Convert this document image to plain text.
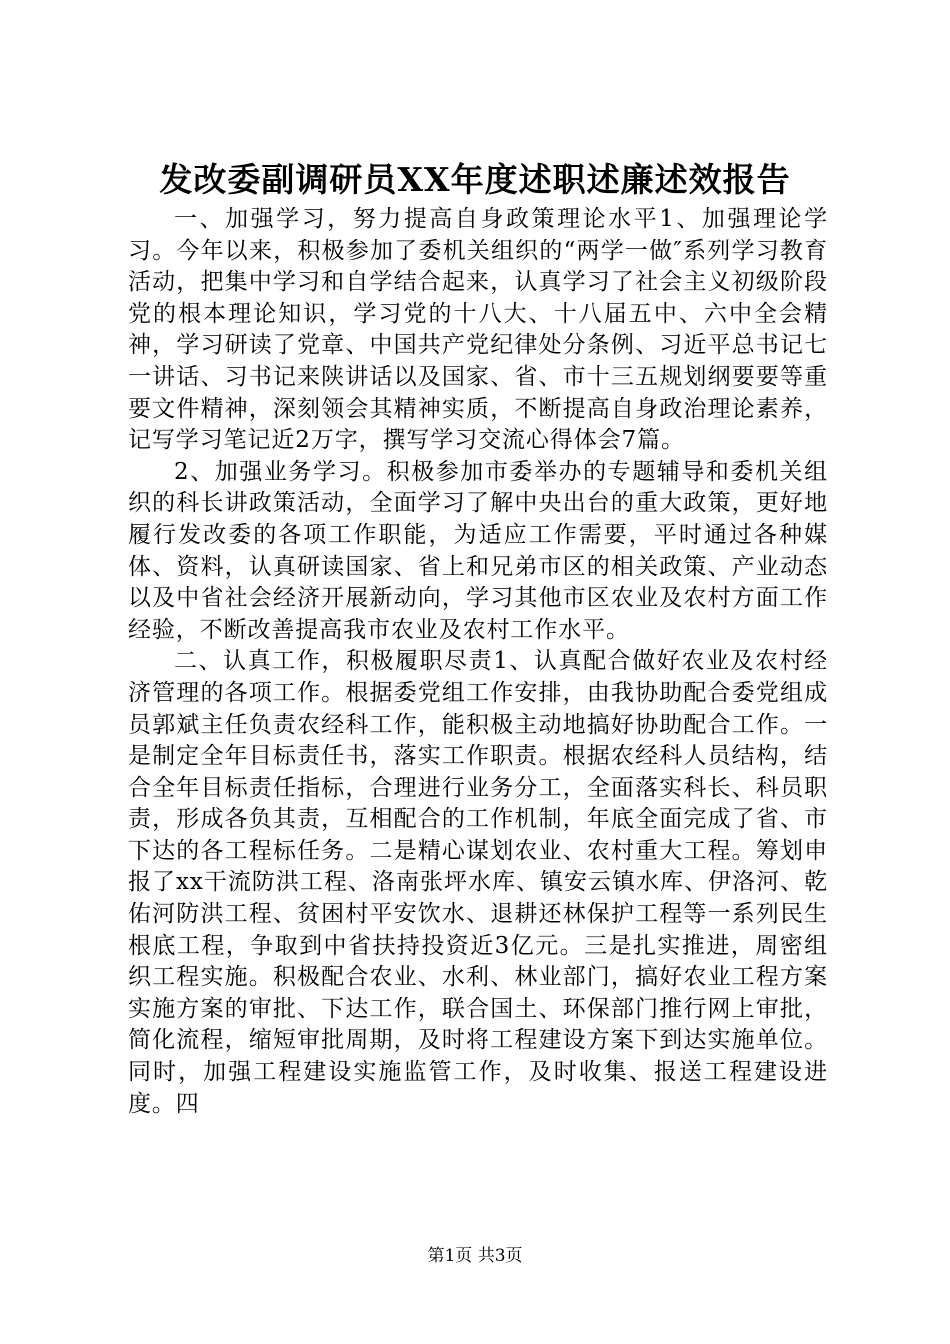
发改委副调研员XX年度述职述廉述效报告

一、加强学习，努力提高自身政策理论水平1、加强理论学习。今年以来，积极参加了委机关组织的“两学一做″系列学习教育活动，把集中学习和自学结合起来，认真学习了社会主义初级阶段党的根本理论知识，学习党的十八大、十八届五中、六中全会精神，学习研读了党章、中国共产党纪律处分条例、习近平总书记七一讲话、习书记来陕讲话以及国家、省、市十三五规划纲要要等重要文件精神，深刻领会其精神实质，不断提高自身政治理论素养，记写学习笔记近2万字，撰写学习交流心得体会7篇。

2、加强业务学习。积极参加市委举办的专题辅导和委机关组织的科长讲政策活动，全面学习了解中央出台的重大政策，更好地履行发改委的各项工作职能，为适应工作需要，平时通过各种媒体、资料，认真研读国家、省上和兄弟市区的相关政策、产业动态以及中省社会经济开展新动向，学习其他市区农业及农村方面工作经验，不断改善提高我市农业及农村工作水平。

二、认真工作，积极履职尽责1、认真配合做好农业及农村经济管理的各项工作。根据委党组工作安排，由我协助配合委党组成员郭斌主任负责农经科工作，能积极主动地搞好协助配合工作。一是制定全年目标责任书，落实工作职责。根据农经科人员结构，结合全年目标责任指标，合理进行业务分工，全面落实科长、科员职责，形成各负其责，互相配合的工作机制，年底全面完成了省、市下达的各工程标任务。二是精心谋划农业、农村重大工程。筹划申报了xx干流防洪工程、洛南张坪水库、镇安云镇水库、伊洛河、乾佑河防洪工程、贫困村平安饮水、退耕还林保护工程等一系列民生根底工程，争取到中省扶持投资近3亿元。三是扎实推进，周密组织工程实施。积极配合农业、水利、林业部门，搞好农业工程方案实施方案的审批、下达工作，联合国土、环保部门推行网上审批，简化流程，缩短审批周期，及时将工程建设方案下到达实施单位。同时，加强工程建设实施监管工作，及时收集、报送工程建设进度。四

第1页 共3页
